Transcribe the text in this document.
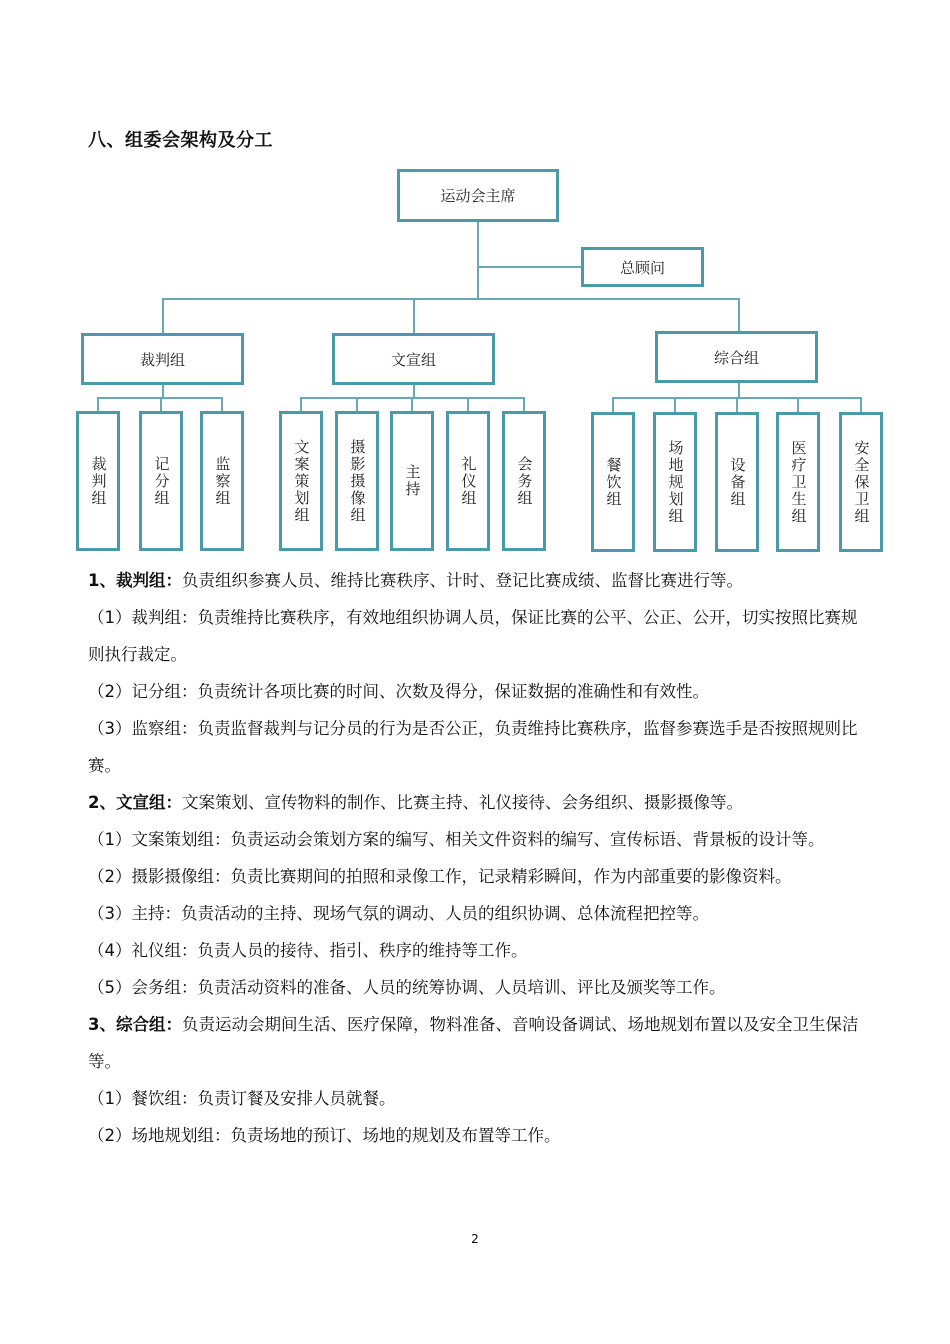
八、组委会架构及分工
运动会主席
总顾问
裁判组	文宣组	综合组
裁判组	记分组	监察组	文案策划组	摄影摄像组 主持	礼仪组	会务组	餐饮组	场地规划组	设备组	医疗卫生组	安全保卫组

1、裁判组：负责组织参赛人员、维持比赛秩序、计时、登记比赛成绩、监督比赛进行等。

（1）裁判组：负责维持比赛秩序，有效地组织协调人员，保证比赛的公平、公正、公开，切实按照比赛规则执行裁定。

（2）记分组：负责统计各项比赛的时间、次数及得分，保证数据的准确性和有效性。

（3）监察组：负责监督裁判与记分员的行为是否公正，负责维持比赛秩序，监督参赛选手是否按照规则比赛。

2、文宣组：文案策划、宣传物料的制作、比赛主持、礼仪接待、会务组织、摄影摄像等。

（1）文案策划组：负责运动会策划方案的编写、相关文件资料的编写、宣传标语、背景板的设计等。

（2）摄影摄像组：负责比赛期间的拍照和录像工作，记录精彩瞬间，作为内部重要的影像资料。

（3）主持：负责活动的主持、现场气氛的调动、人员的组织协调、总体流程把控等。

（4）礼仪组：负责人员的接待、指引、秩序的维持等工作。

（5）会务组：负责活动资料的准备、人员的统筹协调、人员培训、评比及颁奖等工作。

3、综合组：负责运动会期间生活、医疗保障，物料准备、音响设备调试、场地规划布置以及安全卫生保洁等。

（1）餐饮组：负责订餐及安排人员就餐。

（2）场地规划组：负责场地的预订、场地的规划及布置等工作。

2
